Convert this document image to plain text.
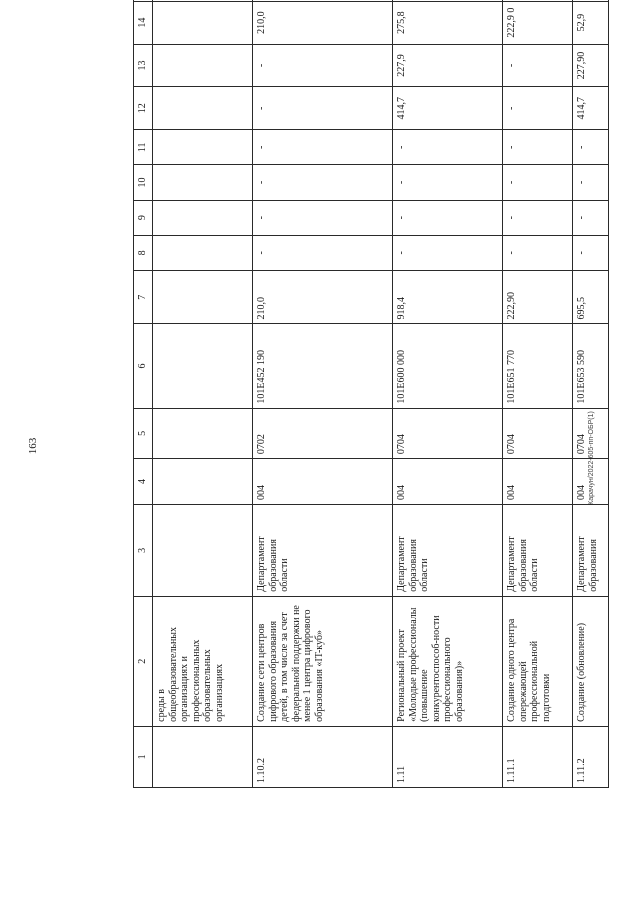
163	Карачун/2022-605-пп-ОБР(1)
1	2	3	4	5	6	7	8	9	10	11	12	13	14	
	среды в общеобразовательных организациях и профессиональных образовательных организациях													
1.10.2	Создание сети центров цифрового образования детей, в том числе за счет федеральной поддержки не менее 1 центра цифрового образования «IT-куб»	Департамент образования области	004	0702	101Е452 190	210,0	-	-	-	-	-	-	210,0	
1.11	Региональный проект «Молодые профессионалы (повышение конкурентоспособ-ности профессионального образования)»	Департамент образования области	004	0704	101Е600 000	918,4	-	-	-	-	414,7	227,9	275,8	
1.11.1	Создание одного центра опережающей профессиональной подготовки	Департамент образования области	004	0704	101Е651 770	222,90	-	-	-	-	-	-	222,9 0	
1.11.2	Создание (обновление)	Департамент образования	004	0704	101Е653 590	695,5	-	-	-	-	414,7	227,90	52,9	
